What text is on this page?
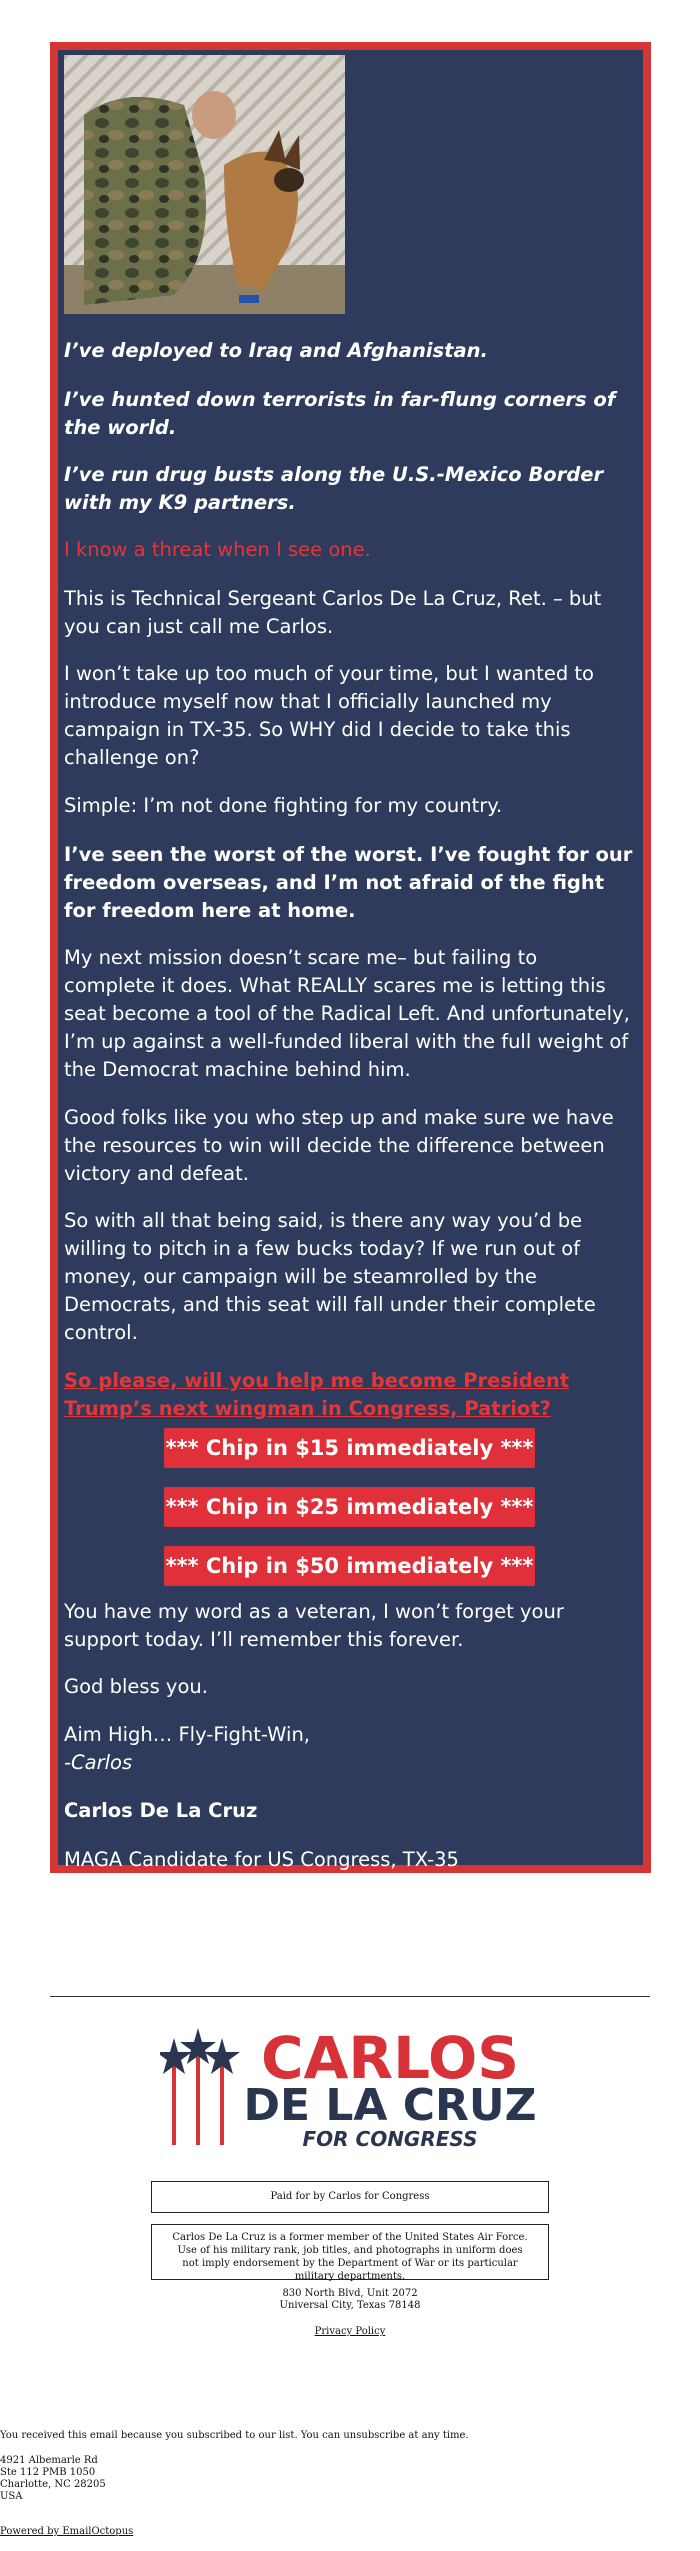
I’ve deployed to Iraq and Afghanistan.

I’ve hunted down terrorists in far-flung corners of the world.

I’ve run drug busts along the U.S.-Mexico Border with my K9 partners.

I know a threat when I see one.

This is Technical Sergeant Carlos De La Cruz, Ret. – but you can just call me Carlos.

I won’t take up too much of your time, but I wanted to introduce myself now that I officially launched my campaign in TX-35. So WHY did I decide to take this challenge on?

Simple: I’m not done fighting for my country.

I’ve seen the worst of the worst. I’ve fought for our freedom overseas, and I’m not afraid of the fight for freedom here at home.

My next mission doesn’t scare me– but failing to complete it does. What REALLY scares me is letting this seat become a tool of the Radical Left. And unfortunately, I’m up against a well-funded liberal with the full weight of the Democrat machine behind him.

Good folks like you who step up and make sure we have the resources to win will decide the difference between victory and defeat.

So with all that being said, is there any way you’d be willing to pitch in a few bucks today? If we run out of money, our campaign will be steamrolled by the Democrats, and this seat will fall under their complete control.

So please, will you help me become President Trump’s next wingman in Congress, Patriot?

*** Chip in $15 immediately ***
*** Chip in $25 immediately ***
*** Chip in $50 immediately ***

You have my word as a veteran, I won’t forget your support today. I’ll remember this forever.

God bless you.

Aim High… Fly-Fight-Win,

-Carlos

Carlos De La Cruz

MAGA Candidate for US Congress, TX-35

CARLOS
DE LA CRUZ
FOR CONGRESS
Paid for by Carlos for Congress
Carlos De La Cruz is a former member of the United States Air Force. Use of his military rank, job titles, and photographs in uniform does not imply endorsement by the Department of War or its particular military departments.
830 North Blvd, Unit 2072
Universal City, Texas 78148
Privacy Policy
You received this email because you subscribed to our list. You can unsubscribe at any time.
4921 Albemarle Rd
Ste 112 PMB 1050
Charlotte, NC 28205
USA
Powered by EmailOctopus
